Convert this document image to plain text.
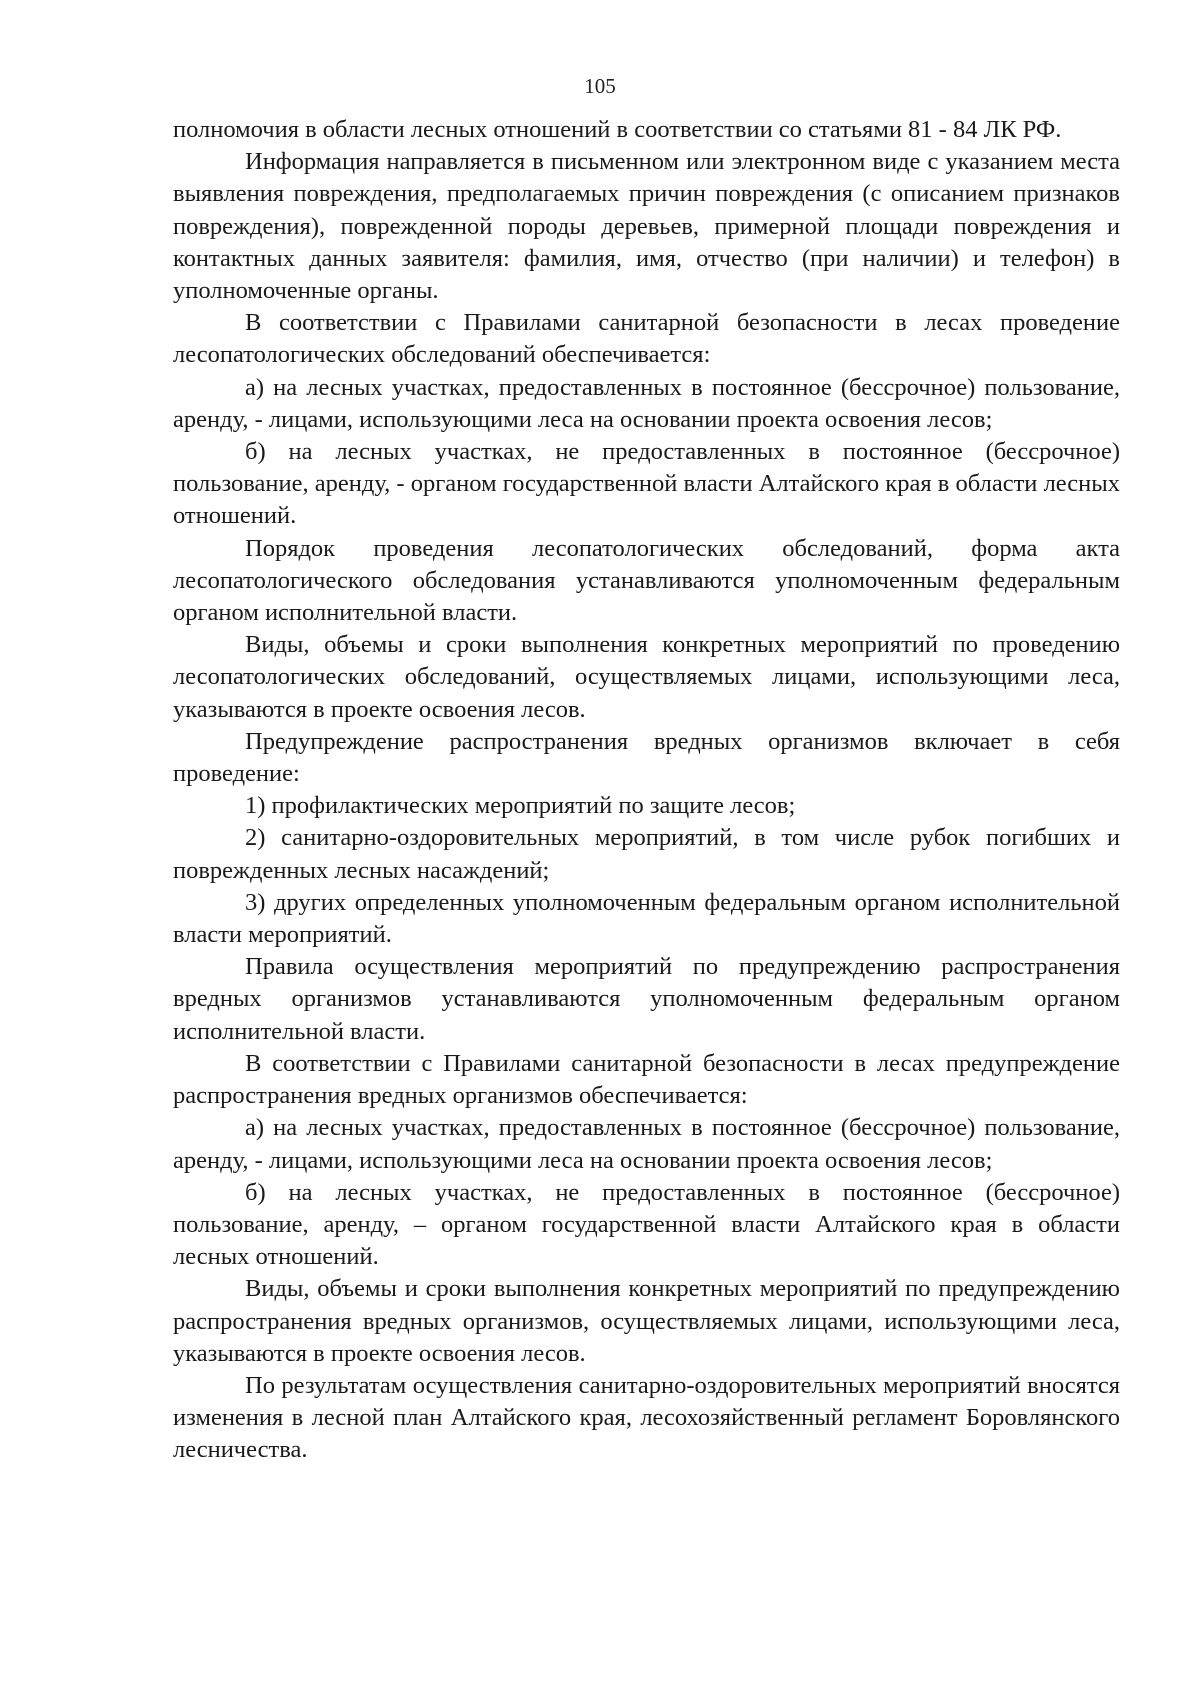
105

полномочия в области лесных отношений в соответствии со статьями 81 - 84 ЛК РФ.

Информация направляется в письменном или электронном виде с указанием места выявления повреждения, предполагаемых причин повреждения (с описанием признаков повреждения), поврежденной породы деревьев, примерной площади повреждения и контактных данных заявителя: фамилия, имя, отчество (при наличии) и телефон) в уполномоченные органы.

В соответствии с Правилами санитарной безопасности в лесах проведение лесопатологических обследований обеспечивается:

а) на лесных участках, предоставленных в постоянное (бессрочное) пользование, аренду, - лицами, использующими леса на основании проекта освоения лесов;

б) на лесных участках, не предоставленных в постоянное (бессрочное) пользование, аренду, - органом государственной власти Алтайского края в области лесных отношений.

Порядок проведения лесопатологических обследований, форма акта лесопатологического обследования устанавливаются уполномоченным федеральным органом исполнительной власти.

Виды, объемы и сроки выполнения конкретных мероприятий по проведению лесопатологических обследований, осуществляемых лицами, использующими леса, указываются в проекте освоения лесов.

Предупреждение распространения вредных организмов включает в себя проведение:

1) профилактических мероприятий по защите лесов;

2) санитарно-оздоровительных мероприятий, в том числе рубок погибших и поврежденных лесных насаждений;

3) других определенных уполномоченным федеральным органом исполнительной власти мероприятий.

Правила осуществления мероприятий по предупреждению распространения вредных организмов устанавливаются уполномоченным федеральным органом исполнительной власти.

В соответствии с Правилами санитарной безопасности в лесах предупреждение распространения вредных организмов обеспечивается:

а) на лесных участках, предоставленных в постоянное (бессрочное) пользование, аренду, - лицами, использующими леса на основании проекта освоения лесов;

б) на лесных участках, не предоставленных в постоянное (бессрочное) пользование, аренду, – органом государственной власти Алтайского края в области лесных отношений.

Виды, объемы и сроки выполнения конкретных мероприятий по предупреждению распространения вредных организмов, осуществляемых лицами, использующими леса, указываются в проекте освоения лесов.

По результатам осуществления санитарно-оздоровительных мероприятий вносятся изменения в лесной план Алтайского края, лесохозяйственный регламент Боровлянского лесничества.
